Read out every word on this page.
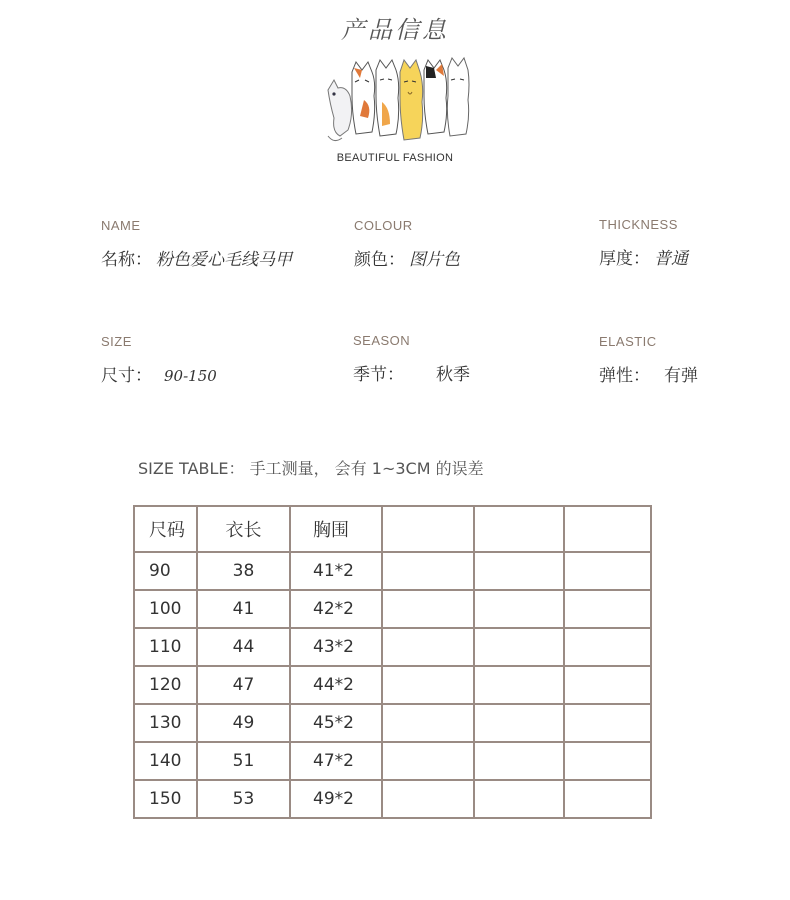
产品信息
BEAUTIFUL FASHION
NAME
名称： 粉色爱心毛线马甲
COLOUR
颜色： 图片色
THICKNESS
厚度： 普通
SIZE
尺寸： 90-150
SEASON
季节： 秋季
ELASTIC
弹性： 有弹
SIZE TABLE： 手工测量， 会有 1~3CM 的误差
尺码	衣长	胸围			
90	38	41*2			
100	41	42*2			
110	44	43*2			
120	47	44*2			
130	49	45*2			
140	51	47*2			
150	53	49*2			
